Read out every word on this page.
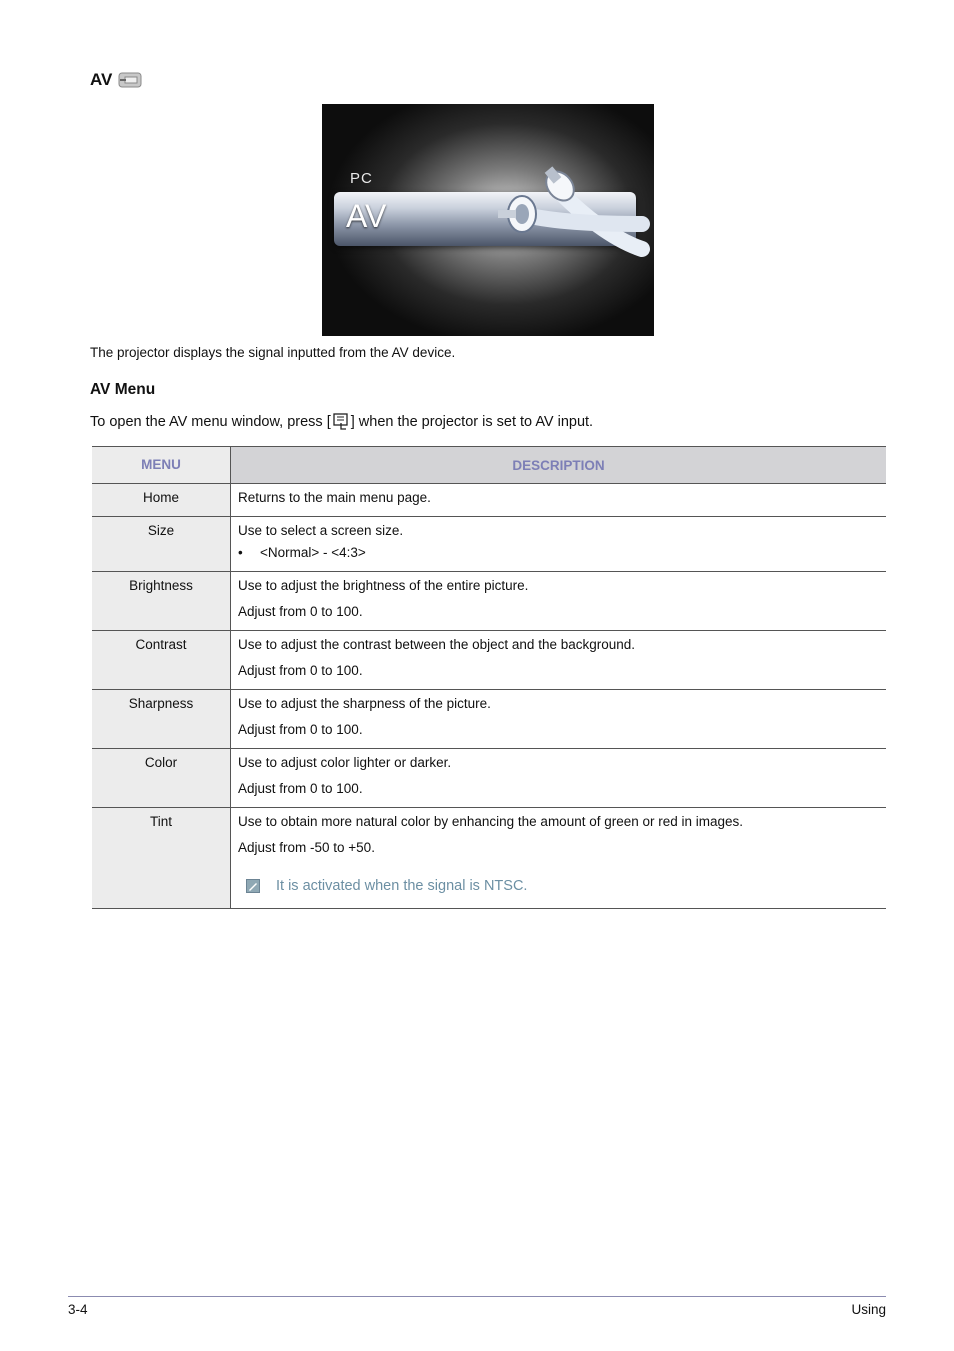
AV
PC
AV
The projector displays the signal inputted from the AV device.
AV Menu
To open the AV menu window, press [ ] when the projector is set to AV input.
MENU	DESCRIPTION
Home	Returns to the main menu page.

Size	Use to select a screen size.
• <Normal> - <4:3>

Brightness	Use to adjust the brightness of the entire picture.
Adjust from 0 to 100.

Contrast	Use to adjust the contrast between the object and the background.
Adjust from 0 to 100.

Sharpness	Use to adjust the sharpness of the picture.
Adjust from 0 to 100.

Color	Use to adjust color lighter or darker.
Adjust from 0 to 100.

Tint	Use to obtain more natural color by enhancing the amount of green or red in images.
Adjust from -50 to +50.
It is activated when the signal is NTSC.
3-4	Using
